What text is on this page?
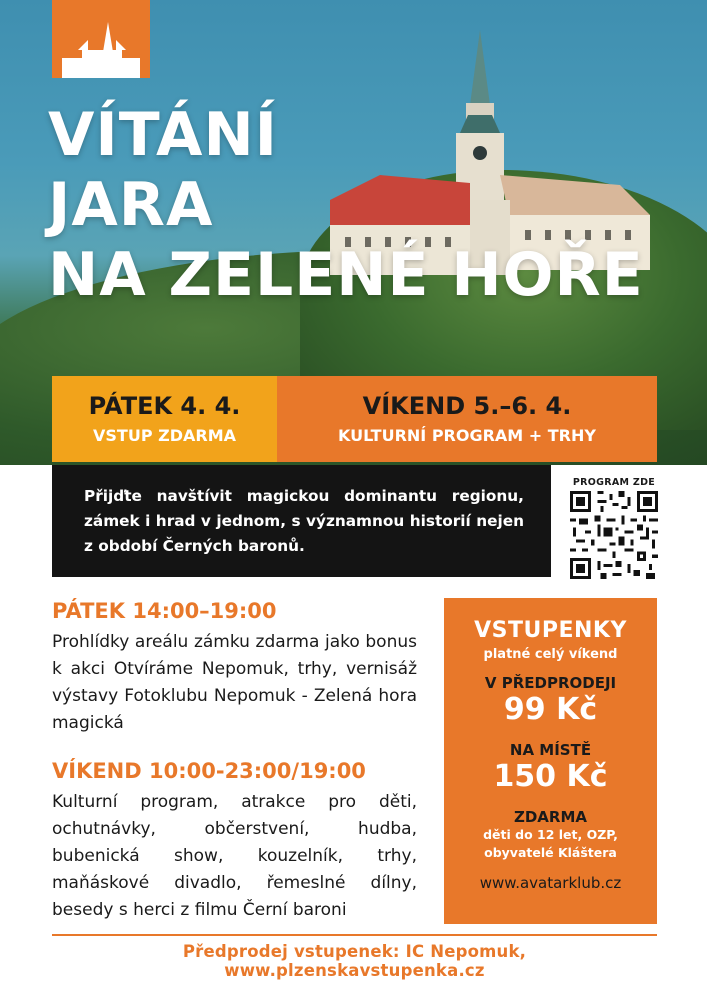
VÍTÁNÍ
JARA
NA ZELENÉ HOŘE
PÁTEK 4. 4.
VSTUP ZDARMA
VÍKEND 5.–6. 4.
KULTURNÍ PROGRAM + TRHY

Přijďte navštívit magickou dominantu regionu, zámek i hrad v jednom, s významnou historií nejen z období Černých baronů.

PROGRAM ZDE
PÁTEK 14:00–19:00

Prohlídky areálu zámku zdarma jako bonus k akci Otvíráme Nepomuk, trhy, vernisáž výstavy Fotoklubu Nepomuk - Zelená hora magická

VÍKEND 10:00-23:00/19:00

Kulturní program, atrakce pro děti, ochutnávky, občerstvení, hudba, bubenická show, kouzelník, trhy, maňáskové divadlo, řemeslné dílny, besedy s herci z filmu Černí baroni

VSTUPENKY
platné celý víkend
V PŘEDPRODEJI
99 Kč
NA MÍSTĚ
150 Kč
ZDARMA
děti do 12 let, OZP,
obyvatelé Kláštera
www.avatarklub.cz
Předprodej vstupenek: IC Nepomuk, www.plzenskavstupenka.cz
